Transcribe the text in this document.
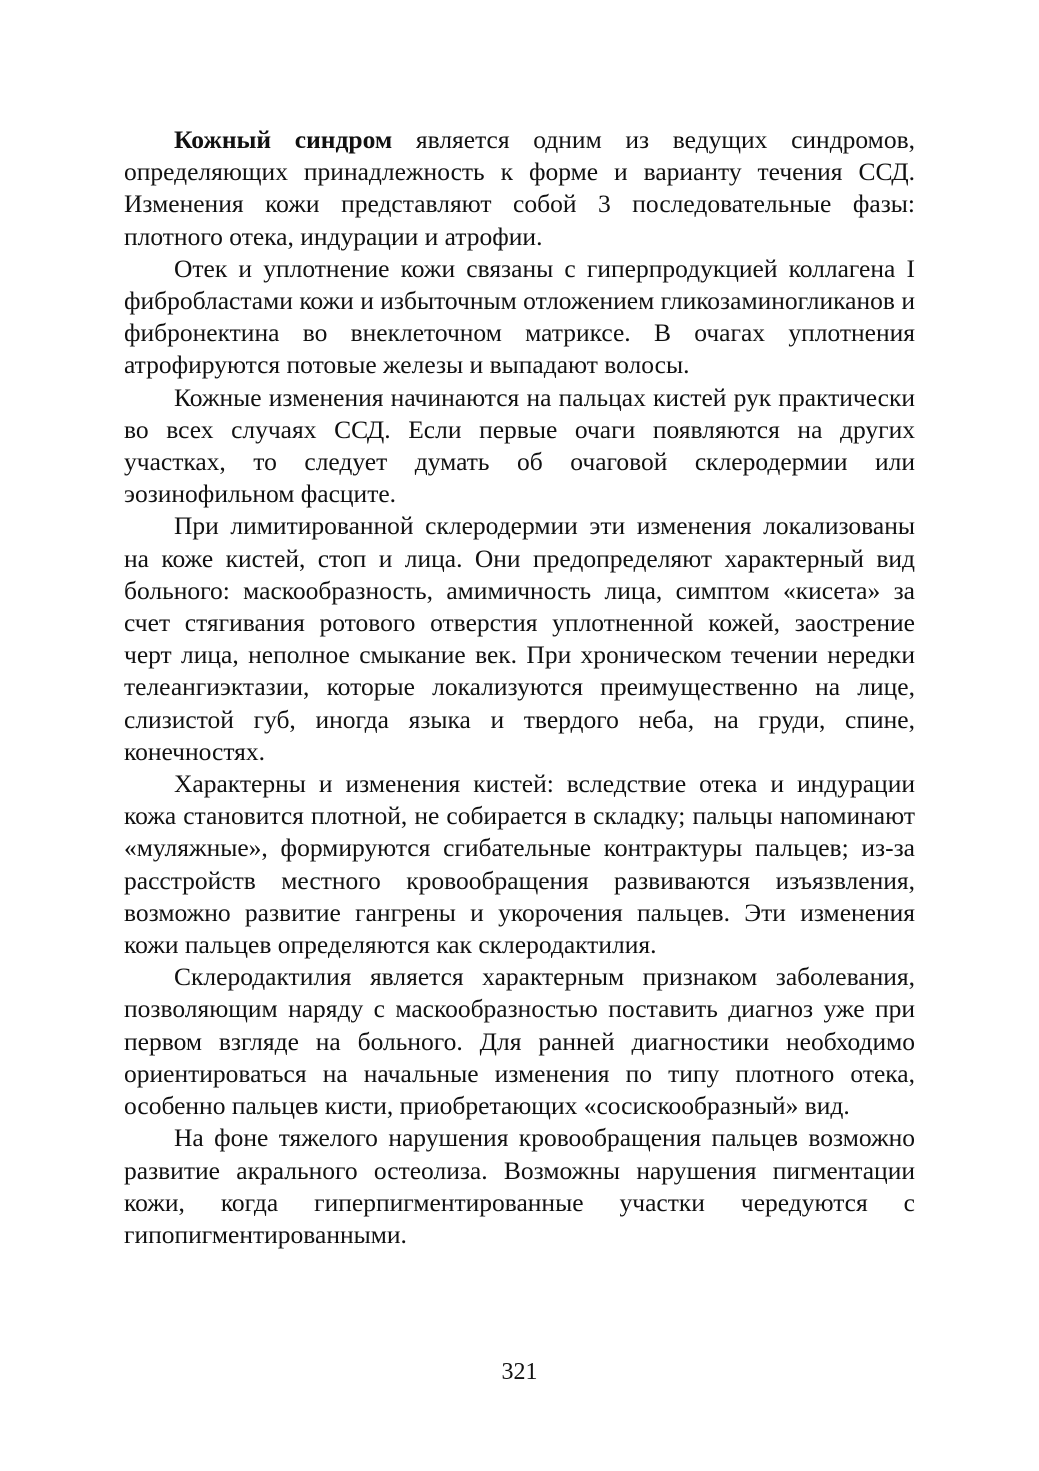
Кожный синдром является одним из ведущих синдромов, определяющих принадлежность к форме и варианту течения ССД. Изменения кожи представляют собой 3 последовательные фазы: плотного отека, индурации и атрофии.

Отек и уплотнение кожи связаны с гиперпродукцией коллагена I фибробластами кожи и избыточным отложением гликозаминогликанов и фибронектина во внеклеточном матриксе. В очагах уплотнения атрофируются потовые железы и выпадают волосы.

Кожные изменения начинаются на пальцах кистей рук практически во всех случаях ССД. Если первые очаги появляются на других участках, то следует думать об очаговой склеродермии или эозинофильном фасците.

При лимитированной склеродермии эти изменения локализованы на коже кистей, стоп и лица. Они предопределяют характерный вид больного: маскообразность, амимичность лица, симптом «кисета» за счет стягивания ротового отверстия уплотненной кожей, заострение черт лица, неполное смыкание век. При хроническом течении нередки телеангиэктазии, которые локализуются преимущественно на лице, слизистой губ, иногда языка и твердого неба, на груди, спине, конечностях.

Характерны и изменения кистей: вследствие отека и индурации кожа становится плотной, не собирается в складку; пальцы напоминают «муляжные», формируются сгибательные контрактуры пальцев; из-за расстройств местного кровообращения развиваются изъязвления, возможно развитие гангрены и укорочения пальцев. Эти изменения кожи пальцев определяются как склеродактилия.

Склеродактилия является характерным признаком заболевания, позволяющим наряду с маскообразностью поставить диагноз уже при первом взгляде на больного. Для ранней диагностики необходимо ориентироваться на начальные изменения по типу плотного отека, особенно пальцев кисти, приобретающих «сосискообразный» вид.

На фоне тяжелого нарушения кровообращения пальцев возможно развитие акрального остеолиза. Возможны нарушения пигментации кожи, когда гиперпигментированные участки чередуются с гипопигментированными.

321
